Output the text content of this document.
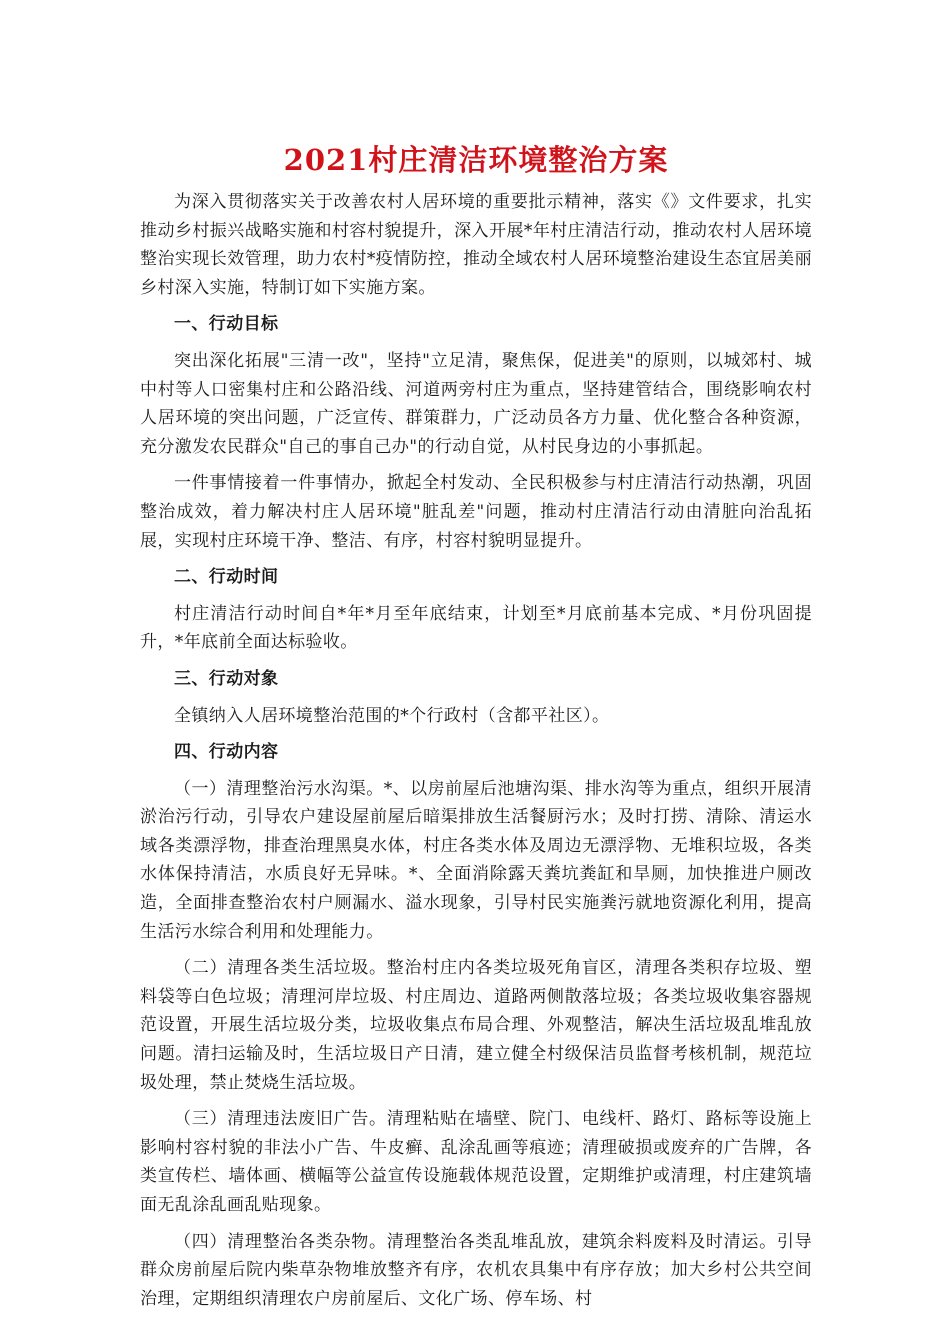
2021村庄清洁环境整治方案

为深入贯彻落实关于改善农村人居环境的重要批示精神，落实《》文件要求，扎实推动乡村振兴战略实施和村容村貌提升，深入开展*年村庄清洁行动，推动农村人居环境整治实现长效管理，助力农村*疫情防控，推动全域农村人居环境整治建设生态宜居美丽乡村深入实施，特制订如下实施方案。

一、行动目标

突出深化拓展"三清一改"，坚持"立足清，聚焦保，促进美"的原则，以城郊村、城中村等人口密集村庄和公路沿线、河道两旁村庄为重点，坚持建管结合，围绕影响农村人居环境的突出问题，广泛宣传、群策群力，广泛动员各方力量、优化整合各种资源，充分激发农民群众"自己的事自己办"的行动自觉，从村民身边的小事抓起。

一件事情接着一件事情办，掀起全村发动、全民积极参与村庄清洁行动热潮，巩固整治成效，着力解决村庄人居环境"脏乱差"问题，推动村庄清洁行动由清脏向治乱拓展，实现村庄环境干净、整洁、有序，村容村貌明显提升。

二、行动时间

村庄清洁行动时间自*年*月至年底结束，计划至*月底前基本完成、*月份巩固提升，*年底前全面达标验收。

三、行动对象

全镇纳入人居环境整治范围的*个行政村（含都平社区）。

四、行动内容

（一）清理整治污水沟渠。*、以房前屋后池塘沟渠、排水沟等为重点，组织开展清淤治污行动，引导农户建设屋前屋后暗渠排放生活餐厨污水；及时打捞、清除、清运水域各类漂浮物，排查治理黑臭水体，村庄各类水体及周边无漂浮物、无堆积垃圾，各类水体保持清洁，水质良好无异味。*、全面消除露天粪坑粪缸和旱厕，加快推进户厕改造，全面排查整治农村户厕漏水、溢水现象，引导村民实施粪污就地资源化利用，提高生活污水综合利用和处理能力。

（二）清理各类生活垃圾。整治村庄内各类垃圾死角盲区，清理各类积存垃圾、塑料袋等白色垃圾；清理河岸垃圾、村庄周边、道路两侧散落垃圾；各类垃圾收集容器规范设置，开展生活垃圾分类，垃圾收集点布局合理、外观整洁，解决生活垃圾乱堆乱放问题。清扫运输及时，生活垃圾日产日清，建立健全村级保洁员监督考核机制，规范垃圾处理，禁止焚烧生活垃圾。

（三）清理违法废旧广告。清理粘贴在墙壁、院门、电线杆、路灯、路标等设施上影响村容村貌的非法小广告、牛皮癣、乱涂乱画等痕迹；清理破损或废弃的广告牌，各类宣传栏、墙体画、横幅等公益宣传设施载体规范设置，定期维护或清理，村庄建筑墙面无乱涂乱画乱贴现象。

（四）清理整治各类杂物。清理整治各类乱堆乱放，建筑余料废料及时清运。引导群众房前屋后院内柴草杂物堆放整齐有序，农机农具集中有序存放；加大乡村公共空间治理，定期组织清理农户房前屋后、文化广场、停车场、村
